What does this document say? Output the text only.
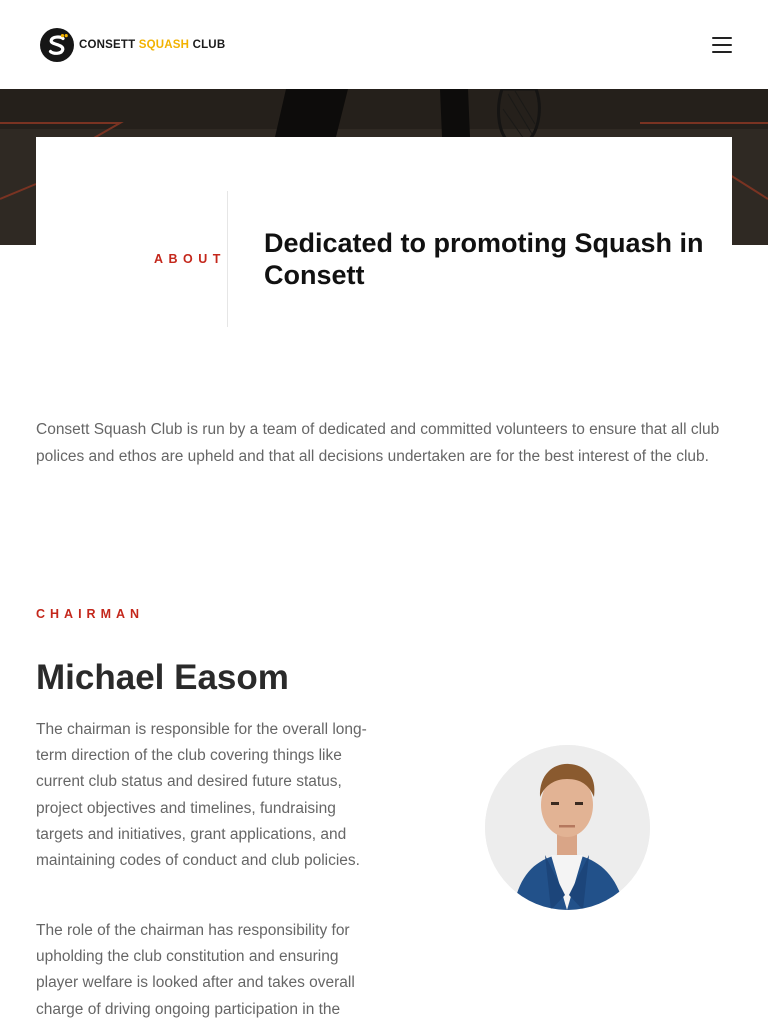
CONSETT SQUASH CLUB
ABOUT
Dedicated to promoting Squash in Consett

Consett Squash Club is run by a team of dedicated and committed volunteers to ensure that all club polices and ethos are upheld and that all decisions undertaken are for the best interest of the club.

CHAIRMAN
Michael Easom

The chairman is responsible for the overall long-term direction of the club covering things like current club status and desired future status, project objectives and timelines, fundraising targets and initiatives, grant applications, and maintaining codes of conduct and club policies.

The role of the chairman has responsibility for upholding the club constitution and ensuring player welfare is looked after and takes overall charge of driving ongoing participation in the
